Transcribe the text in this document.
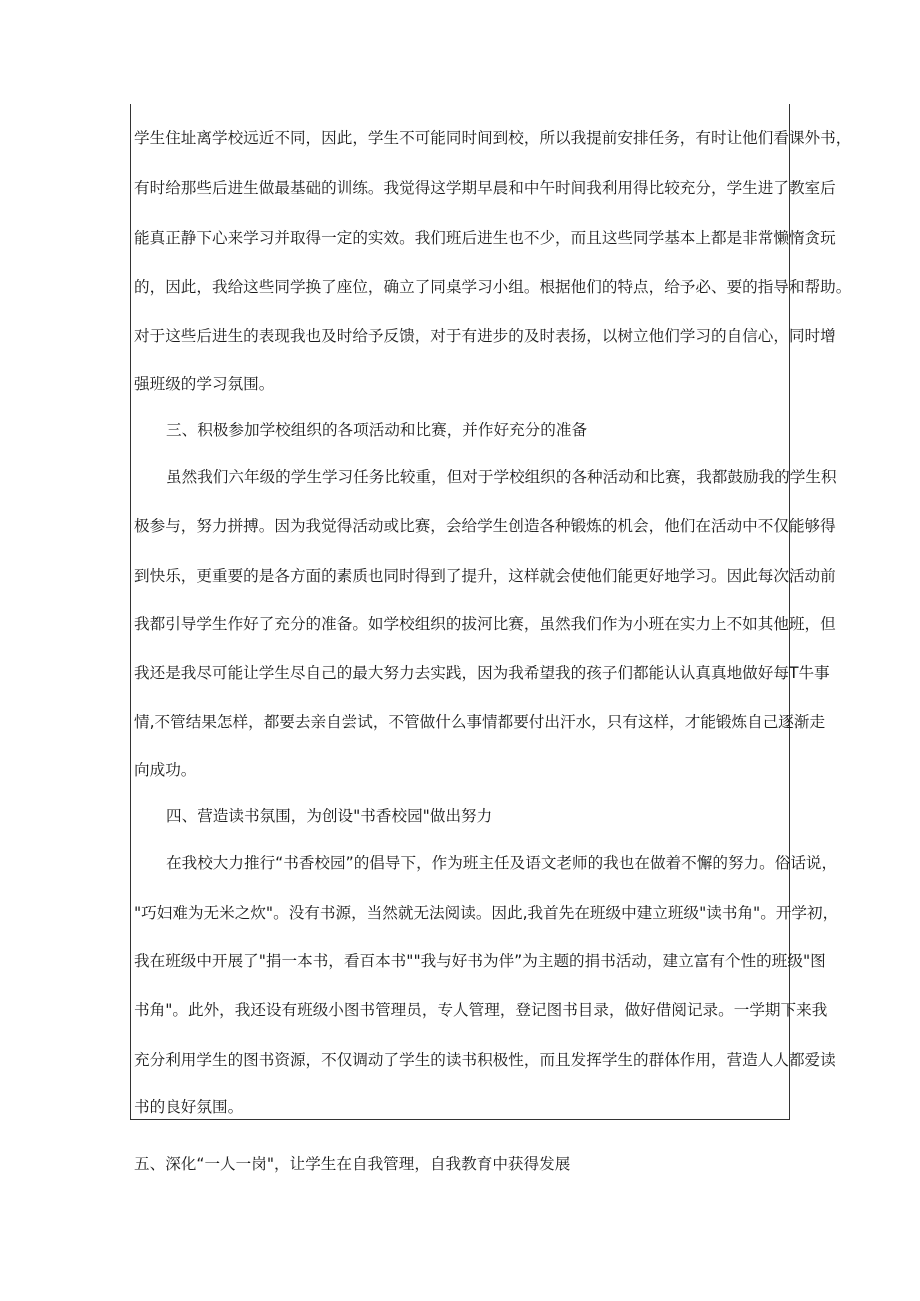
学生住址离学校远近不同，因此，学生不可能同时间到校，所以我提前安排任务，有时让他们看课外书，
有时给那些后进生做最基础的训练。我觉得这学期早晨和中午时间我利用得比较充分，学生进了教室后
能真正静下心来学习并取得一定的实效。我们班后进生也不少，而且这些同学基本上都是非常懒惰贪玩
的，因此，我给这些同学换了座位，确立了同桌学习小组。根据他们的特点，给予必、要的指导和帮助。
对于这些后进生的表现我也及时给予反馈，对于有进步的及时表扬，以树立他们学习的自信心，同时增
强班级的学习氛围。
三、积极参加学校组织的各项活动和比赛，并作好充分的准备
虽然我们六年级的学生学习任务比较重，但对于学校组织的各种活动和比赛，我都鼓励我的学生积
极参与，努力拼搏。因为我觉得活动或比赛，会给学生创造各种锻炼的机会，他们在活动中不仅能够得
到快乐，更重要的是各方面的素质也同时得到了提升，这样就会使他们能更好地学习。因此每次活动前
我都引导学生作好了充分的准备。如学校组织的拔河比赛，虽然我们作为小班在实力上不如其他班，但
我还是我尽可能让学生尽自己的最大努力去实践，因为我希望我的孩子们都能认认真真地做好每T牛事
情,不管结果怎样，都要去亲自尝试，不管做什么事情都要付出汗水，只有这样，才能锻炼自己逐渐走
向成功。
四、营造读书氛围，为创设"书香校园"做出努力
在我校大力推行“书香校园”的倡导下，作为班主任及语文老师的我也在做着不懈的努力。俗话说，
"巧妇难为无米之炊"。没有书源，当然就无法阅读。因此,我首先在班级中建立班级"读书角"。开学初，
我在班级中开展了"捐一本书，看百本书""我与好书为伴”为主题的捐书活动，建立富有个性的班级"图
书角"。此外，我还设有班级小图书管理员，专人管理，登记图书目录，做好借阅记录。一学期下来我
充分利用学生的图书资源，不仅调动了学生的读书积极性，而且发挥学生的群体作用，营造人人都爱读
书的良好氛围。
五、深化“一人一岗"，让学生在自我管理，自我教育中获得发展
